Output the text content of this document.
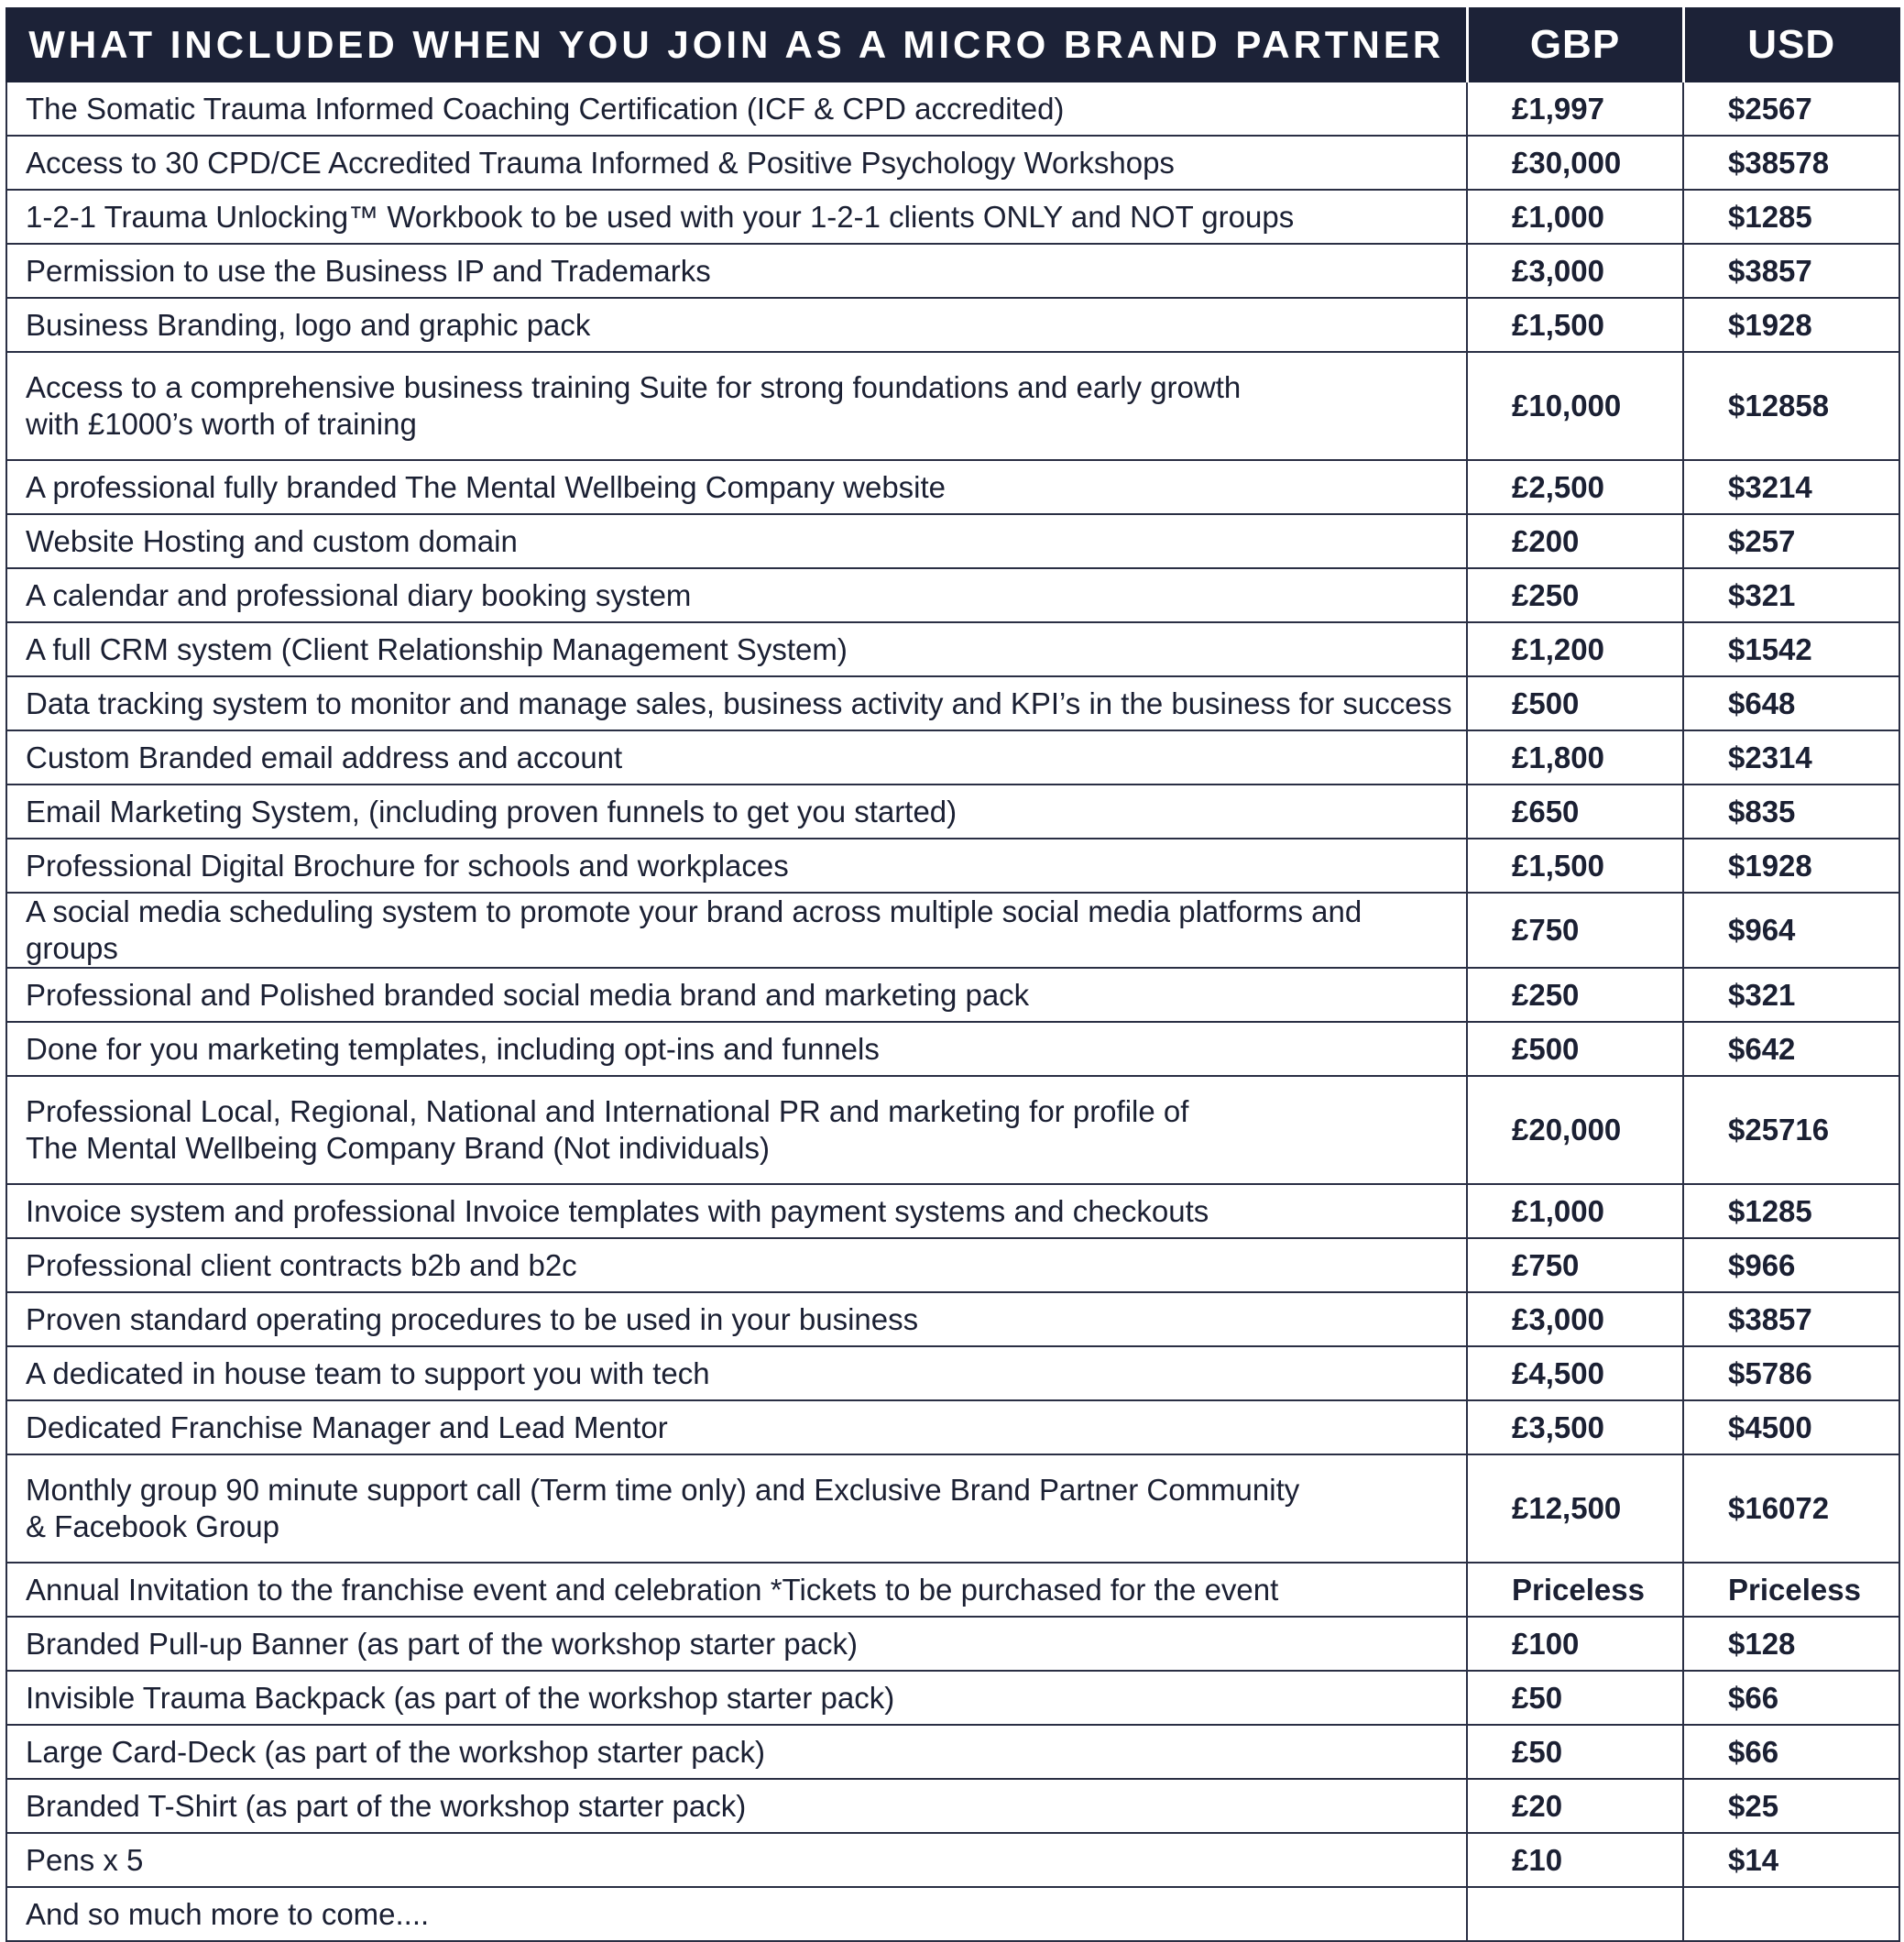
WHAT INCLUDED WHEN YOU JOIN AS A MICRO BRAND PARTNER	GBP	USD
The Somatic Trauma Informed Coaching Certification (ICF & CPD accredited)	£1,997	$2567
Access to 30 CPD/CE Accredited Trauma Informed & Positive Psychology Workshops	£30,000	$38578
1-2-1 Trauma Unlocking™ Workbook to be used with your 1-2-1 clients ONLY and NOT groups	£1,000	$1285
Permission to use the Business IP and Trademarks	£3,000	$3857
Business Branding, logo and graphic pack	£1,500	$1928
Access to a comprehensive business training Suite for strong foundations and early growth
with £1000’s worth of training	£10,000	$12858
A professional fully branded The Mental Wellbeing Company website	£2,500	$3214
Website Hosting and custom domain	£200	$257
A calendar and professional diary booking system	£250	$321
A full CRM system (Client Relationship Management System)	£1,200	$1542
Data tracking system to monitor and manage sales, business activity and KPI’s in the business for success	£500	$648
Custom Branded email address and account	£1,800	$2314
Email Marketing System, (including proven funnels to get you started)	£650	$835
Professional Digital Brochure for schools and workplaces	£1,500	$1928
A social media scheduling system to promote your brand across multiple social media platforms and groups	£750	$964
Professional and Polished branded social media brand and marketing pack	£250	$321
Done for you marketing templates, including opt-ins and funnels	£500	$642
Professional Local, Regional, National and International PR and marketing for profile of
The Mental Wellbeing Company Brand (Not individuals)	£20,000	$25716
Invoice system and professional Invoice templates with payment systems and checkouts	£1,000	$1285
Professional client contracts b2b and b2c	£750	$966
Proven standard operating procedures to be used in your business	£3,000	$3857
A dedicated in house team to support you with tech	£4,500	$5786
Dedicated Franchise Manager and Lead Mentor	£3,500	$4500
Monthly group 90 minute support call (Term time only) and Exclusive Brand Partner Community
& Facebook Group	£12,500	$16072
Annual Invitation to the franchise event and celebration *Tickets to be purchased for the event	Priceless	Priceless
Branded Pull-up Banner (as part of the workshop starter pack)	£100	$128
Invisible Trauma Backpack (as part of the workshop starter pack)	£50	$66
Large Card-Deck (as part of the workshop starter pack)	£50	$66
Branded T-Shirt (as part of the workshop starter pack)	£20	$25
Pens x 5	£10	$14
And so much more to come....		
